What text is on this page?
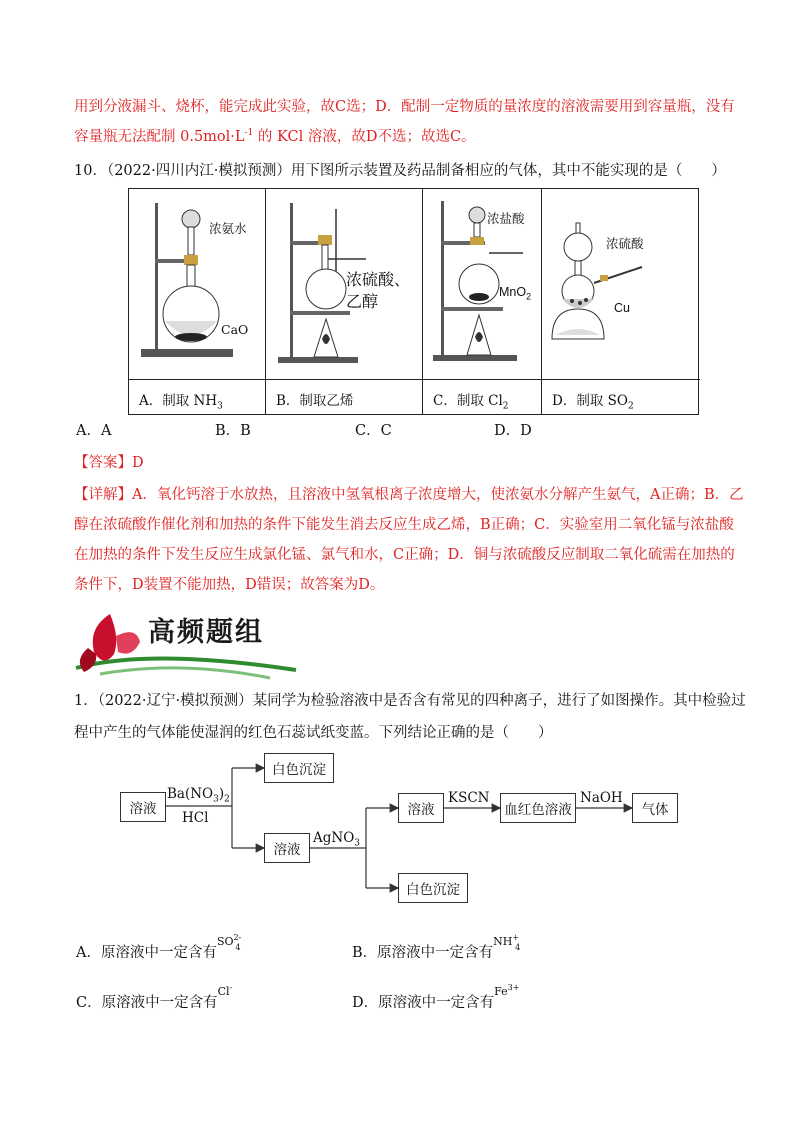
用到分液漏斗、烧杯，能完成此实验，故C选；D．配制一定物质的量浓度的溶液需要用到容量瓶，没有
容量瓶无法配制 $0.5mol\cdot L^{-1}$ 的 KCl 溶液，故D不选；故选C。
10．（2022·四川内江·模拟预测）用下图所示装置及药品制备相应的气体，其中不能实现的是（　　）
浓氨水
CaO
A．制取 $NH_3$
浓硫酸、
乙醇
B．制取乙烯
浓盐酸
MnO$_2$
C．制取 $Cl_2$
浓硫酸
Cu
D．制取 $SO_2$
A．A	B．B	C．C	D．D
【答案】D
【详解】A．氧化钙溶于水放热，且溶液中氢氧根离子浓度增大，使浓氨水分解产生氨气，A正确；B．乙
醇在浓硫酸作催化剂和加热的条件下能发生消去反应生成乙烯，B正确；C．实验室用二氧化锰与浓盐酸
在加热的条件下发生反应生成氯化锰、氯气和水，C正确；D．铜与浓硫酸反应制取二氧化硫需在加热的
条件下，D装置不能加热，D错误；故答案为D。
高频题组
1．（2022·辽宁·模拟预测）某同学为检验溶液中是否含有常见的四种离子，进行了如图操作。其中检验过
程中产生的气体能使湿润的红色石蕊试纸变蓝。下列结论正确的是（　　）
溶液
$Ba(NO_3)_2$
HCl
白色沉淀
溶液
AgNO$_3$
溶液
KSCN
血红色溶液
NaOH
气体
白色沉淀
A．原溶液中一定含有$^{SO2-4}$	B．原溶液中一定含有$^{NH+4}$
C．原溶液中一定含有$^{Cl-}$
D．原溶液中一定含有$^{Fe3+}$
